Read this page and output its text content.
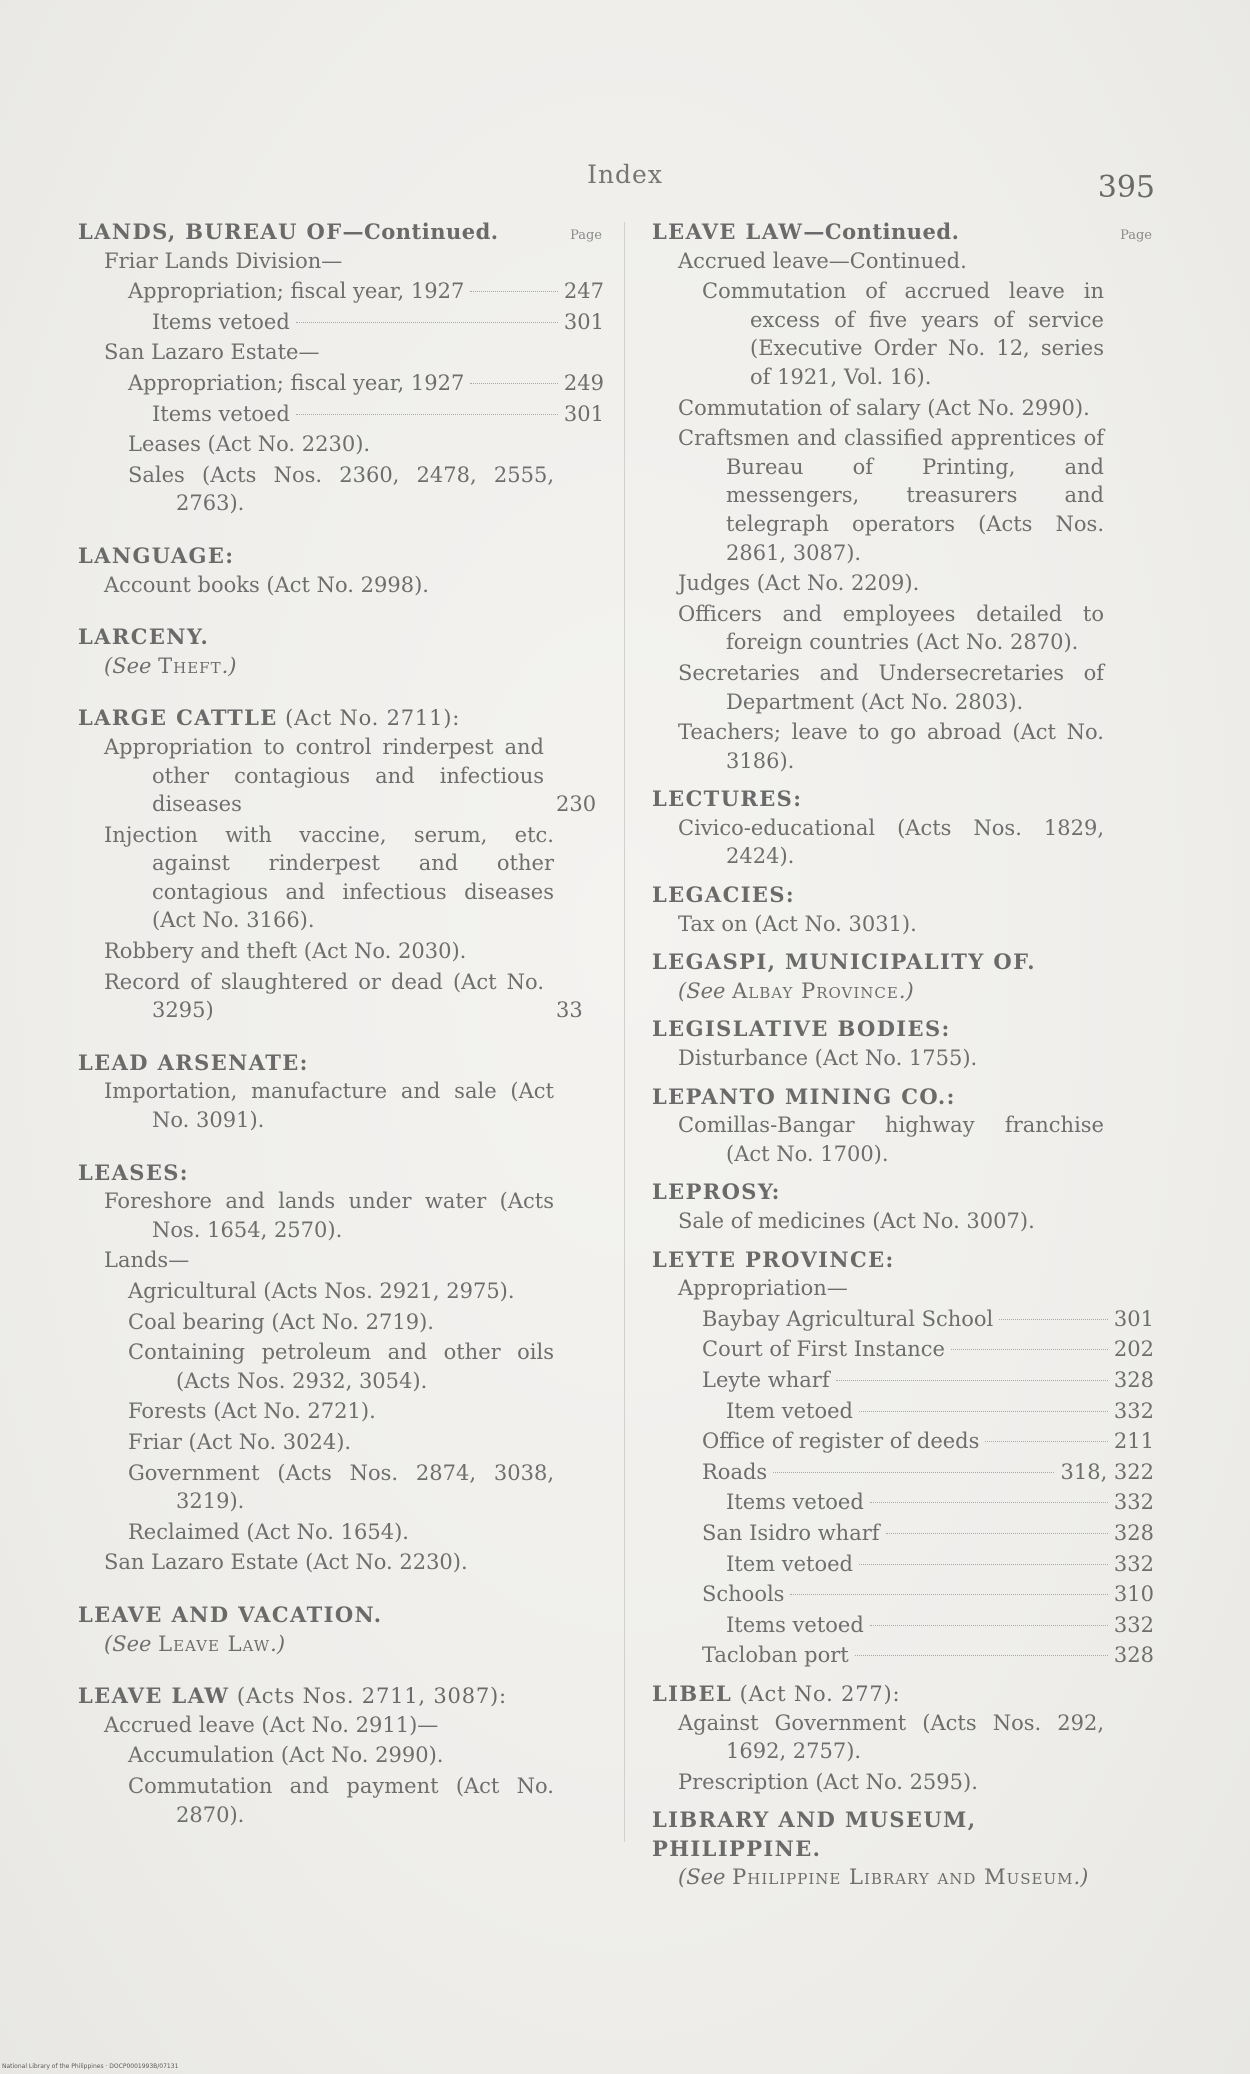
Index	395
Page
LANDS, BUREAU OF—Continued.
Friar Lands Division—
Appropriation; fiscal year, 1927	247
Items vetoed	301
San Lazaro Estate—
Appropriation; fiscal year, 1927	249
Items vetoed	301
Leases (Act No. 2230).
Sales (Acts Nos. 2360, 2478, 2555, 2763).
LANGUAGE:
Account books (Act No. 2998).
LARCENY.
(See Theft.)
LARGE CATTLE (Act No. 2711):
Appropriation to control rinderpest and other contagious and infectious diseases	230
Injection with vaccine, serum, etc. against rinderpest and other contagious and infectious diseases (Act No. 3166).
Robbery and theft (Act No. 2030).
Record of slaughtered or dead (Act No. 3295)	33
LEAD ARSENATE:
Importation, manufacture and sale (Act No. 3091).
LEASES:
Foreshore and lands under water (Acts Nos. 1654, 2570).
Lands—
Agricultural (Acts Nos. 2921, 2975).
Coal bearing (Act No. 2719).
Containing petroleum and other oils (Acts Nos. 2932, 3054).
Forests (Act No. 2721).
Friar (Act No. 3024).
Government (Acts Nos. 2874, 3038, 3219).
Reclaimed (Act No. 1654).
San Lazaro Estate (Act No. 2230).
LEAVE AND VACATION.
(See Leave Law.)
LEAVE LAW (Acts Nos. 2711, 3087):
Accrued leave (Act No. 2911)—
Accumulation (Act No. 2990).
Commutation and payment (Act No. 2870).
Page
LEAVE LAW—Continued.
Accrued leave—Continued.
Commutation of accrued leave in excess of five years of service (Executive Order No. 12, series of 1921, Vol. 16).
Commutation of salary (Act No. 2990).
Craftsmen and classified apprentices of Bureau of Printing, and messengers, treasurers and telegraph operators (Acts Nos. 2861, 3087).
Judges (Act No. 2209).
Officers and employees detailed to foreign countries (Act No. 2870).
Secretaries and Undersecretaries of Department (Act No. 2803).
Teachers; leave to go abroad (Act No. 3186).
LECTURES:
Civico-educational (Acts Nos. 1829, 2424).
LEGACIES:
Tax on (Act No. 3031).
LEGASPI, MUNICIPALITY OF.
(See Albay Province.)
LEGISLATIVE BODIES:
Disturbance (Act No. 1755).
LEPANTO MINING CO.:
Comillas-Bangar highway franchise (Act No. 1700).
LEPROSY:
Sale of medicines (Act No. 3007).
LEYTE PROVINCE:
Appropriation—
Baybay Agricultural School	301
Court of First Instance	202
Leyte wharf	328
Item vetoed	332
Office of register of deeds	211
Roads	318, 322
Items vetoed	332
San Isidro wharf	328
Item vetoed	332
Schools	310
Items vetoed	332
Tacloban port	328
LIBEL (Act No. 277):
Against Government (Acts Nos. 292, 1692, 2757).
Prescription (Act No. 2595).
LIBRARY AND MUSEUM, PHILIPPINE.
(See Philippine Library and Museum.)
National Library of the Philippines · DOCP0001993B/07131
